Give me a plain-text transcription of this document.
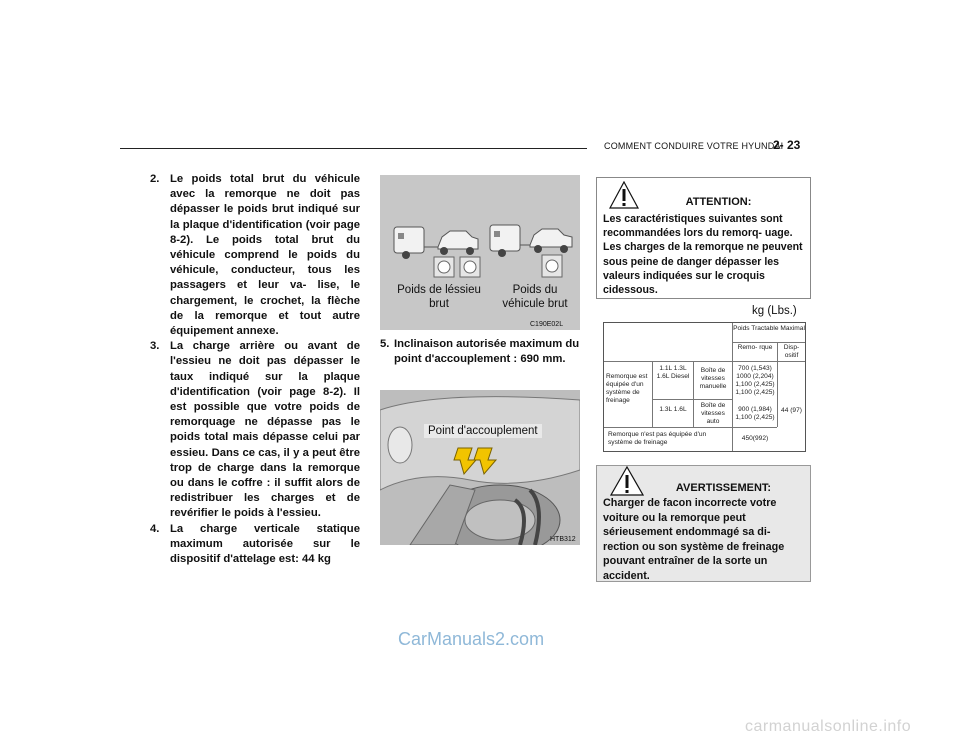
COMMENT CONDUIRE VOTRE HYUNDAI
2- 23
2. Le poids total brut du véhicule avec la remorque ne doit pas dépasser le poids brut indiqué sur la plaque d'identification (voir page 8-2). Le poids total brut du véhicule comprend le poids du véhicule, conducteur, tous les passagers et leur va- lise, le chargement, le crochet, la flèche de la remorque et tout autre équipement annexe.
3. La charge arrière ou avant de l'essieu ne doit pas dépasser le taux indiqué sur la plaque d'identification (voir page 8-2). Il est possible que votre poids de remorquage ne dépasse pas le poids total mais dépasse celui par essieu. Dans ce cas, il y a peut être trop de charge dans la remorque ou dans le coffre : il suffit alors de redistribuer les charges et de revérifier le poids à l'essieu.
4. La charge verticale statique maximum autorisée sur le dispositif d'attelage est: 44 kg
Poids de léssieu brut
Poids du véhicule brut
C190E02L
5. Inclinaison autorisée maximum du point d'accouplement : 690 mm.
Point d'accouplement
HTB312
ATTENTION:
Les caractéristiques suivantes sont recommandées lors du remorq- uage. Les charges de la remorque ne peuvent sous peine de danger dépasser les valeurs indiquées sur le croquis cidessous.
kg (Lbs.)
Poids Tractable Maximal
Remo- rque	Disp- ositif
Remorque est équipée d'un système de freinage
1.1L 1.3L 1.6L Diesel
Boîte de vitesses manuelle
700 (1,543) 1000 (2,204) 1,100 (2,425) 1,100 (2,425)
1.3L 1.6L
Boîte de vitesses auto
900 (1,984) 1,100 (2,425)
44 (97)
Remorque n'est pas équipée d'un système de freinage
450(992)
AVERTISSEMENT:
Charger de facon incorrecte votre voiture ou la remorque peut sérieusement endommagé sa di- rection ou son système de freinage pouvant entraîner de la sorte un accident.
CarManuals2.com
carmanualsonline.info
